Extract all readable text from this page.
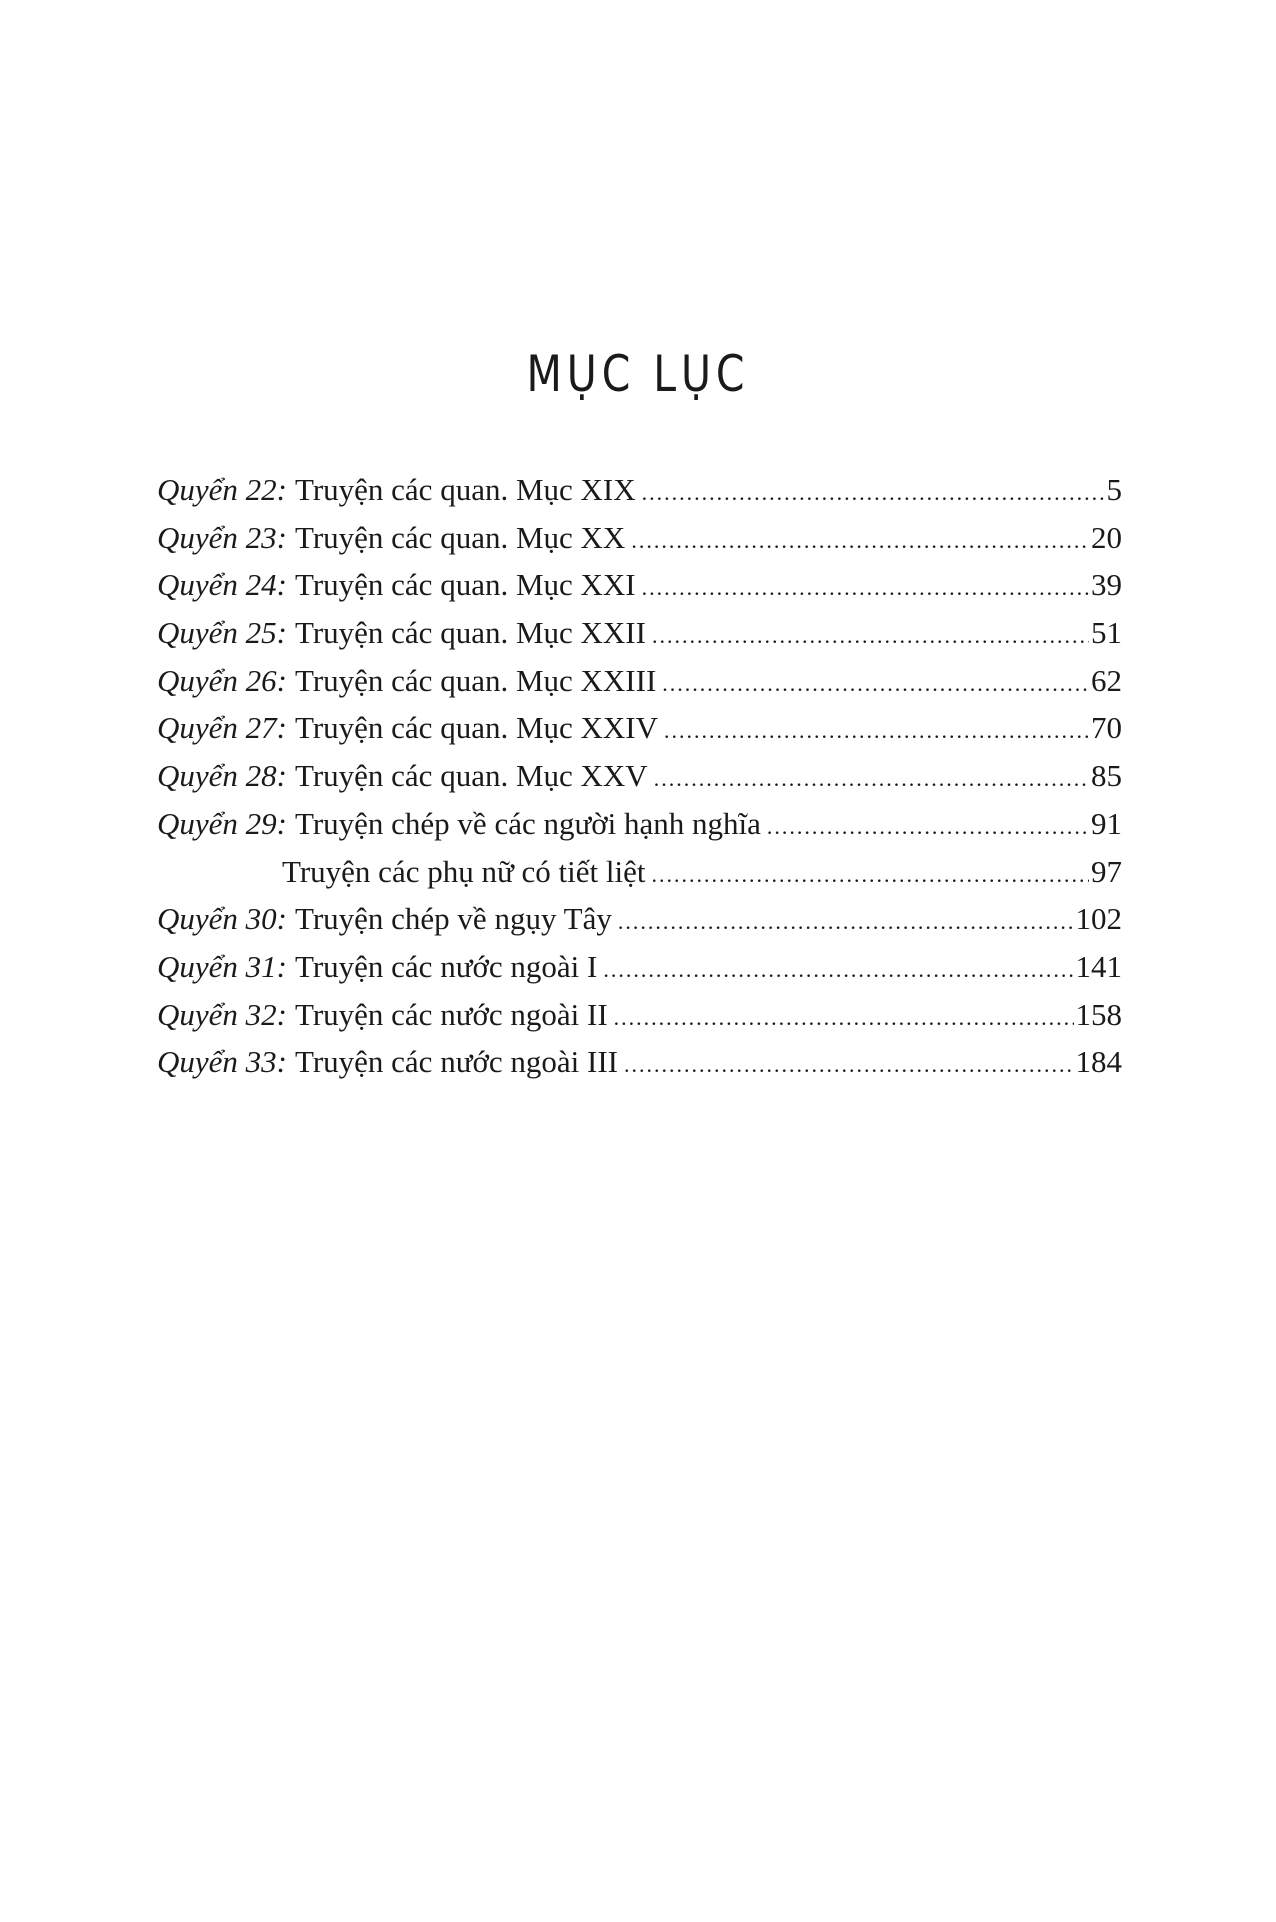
MỤC LỤC
Quyển 22: Truyện các quan. Mục XIX .....	5
Quyển 23: Truyện các quan. Mục XX .....	20
Quyển 24: Truyện các quan. Mục XXI .....	39
Quyển 25: Truyện các quan. Mục XXII .....	51
Quyển 26: Truyện các quan. Mục XXIII .....	62
Quyển 27: Truyện các quan. Mục XXIV .....	70
Quyển 28: Truyện các quan. Mục XXV .....	85
Quyển 29: Truyện chép về các người hạnh nghĩa .....	91
Truyện các phụ nữ có tiết liệt .....	97
Quyển 30: Truyện chép về ngụy Tây .....	102
Quyển 31: Truyện các nước ngoài I .....	141
Quyển 32: Truyện các nước ngoài II .....	158
Quyển 33: Truyện các nước ngoài III .....	184
